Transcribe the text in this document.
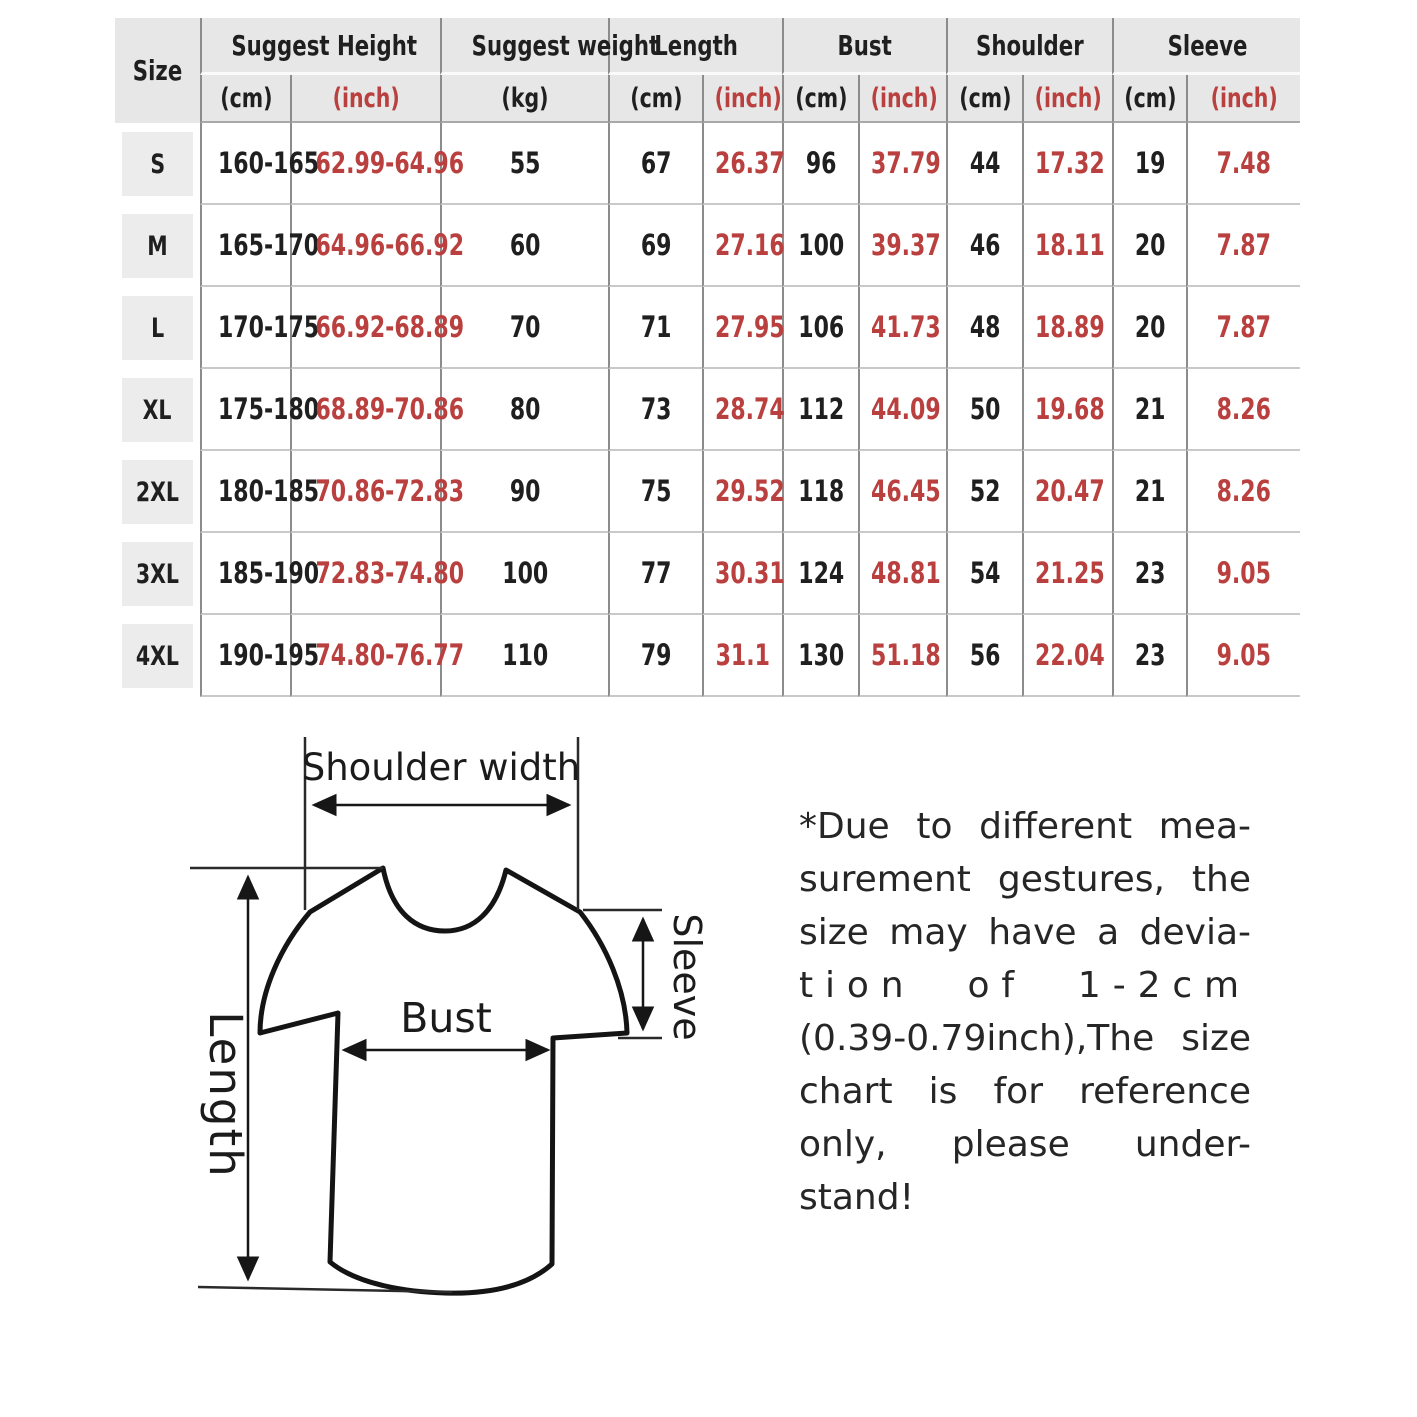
Size	Suggest Height		Suggest weight	Length		Bust		Shoulder		Sleeve	
	(cm)	(inch)	(kg)	(cm)	(inch)	(cm)	(inch)	(cm)	(inch)	(cm)	(inch)

S	160-165	62.99-64.96	55	67	26.37	96	37.79	44	17.32	19	7.48

M	165-170	64.96-66.92	60	69	27.16	100	39.37	46	18.11	20	7.87

L	170-175	66.92-68.89	70	71	27.95	106	41.73	48	18.89	20	7.87

XL	175-180	68.89-70.86	80	73	28.74	112	44.09	50	19.68	21	8.26

2XL	180-185	70.86-72.83	90	75	29.52	118	46.45	52	20.47	21	8.26

3XL	185-190	72.83-74.80	100	77	30.31	124	48.81	54	21.25	23	9.05

4XL	190-195	74.80-76.77	110	79	31.1	130	51.18	56	22.04	23	9.05
Shoulder width
Length
Sleeve
Bust
*Due to different mea-
surement gestures, the
size may have a devia-
tion of 1-2cm
(0.39-0.79inch),The size
chart is for reference
only, please under-
stand!
